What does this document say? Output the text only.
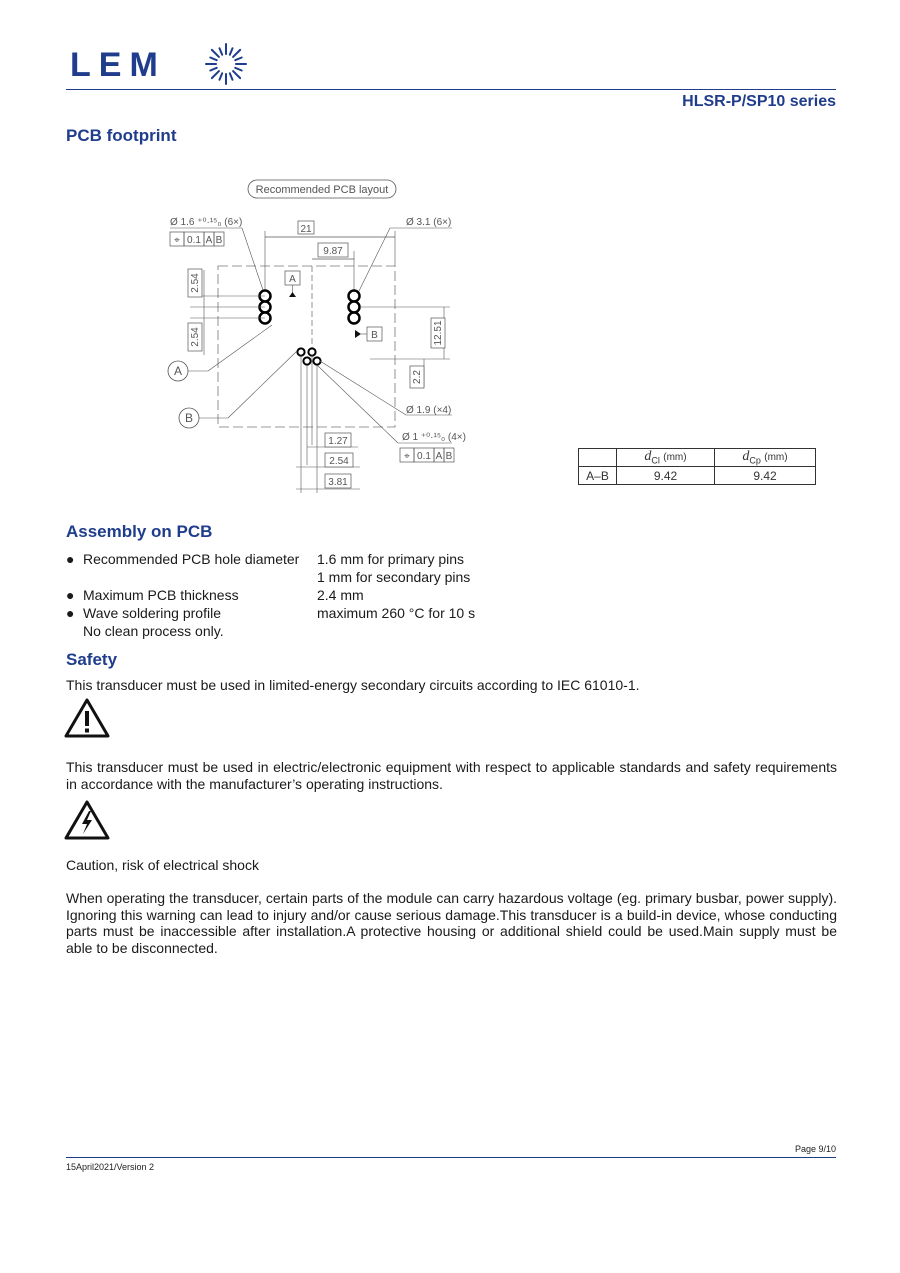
LEM
HLSR-P/SP10 series
PCB footprint
Recommended PCB layout
21
9.87
Ø 1.6 ⁺⁰·¹⁵₀ (6×)
⌖ 0.1 A B
Ø 3.1 (6×)
A
B
2.54
2.54	12.51
2.2
Ø 1.9 (×4)
Ø 1 ⁺⁰·¹⁵₀ (4×)
⌖ 0.1 A B
1.27
2.54
3.81
A
B
	$d_{Cl}$ (mm)	$d_{Cp}$ (mm)
A–B	9.42	9.42
Assembly on PCB
● Recommended PCB hole diameter	1.6 mm for primary pins
1 mm for secondary pins
● Maximum PCB thickness	2.4 mm
● Wave soldering profile	maximum 260 °C for 10 s
No clean process only.
Safety
This transducer must be used in limited-energy secondary circuits according to IEC 61010-1.
This transducer must be used in electric/electronic equipment with respect to applicable standards and safety requirements in accordance with the manufacturer’s operating instructions.
Caution, risk of electrical shock
When operating the transducer, certain parts of the module can carry hazardous voltage (eg. primary busbar, power supply). Ignoring this warning can lead to injury and/or cause serious damage.This transducer is a build-in device, whose conducting parts must be inaccessible after installation.A protective housing or additional shield could be used.Main supply must be able to be disconnected.
Page 9/10
15April2021/Version 2
